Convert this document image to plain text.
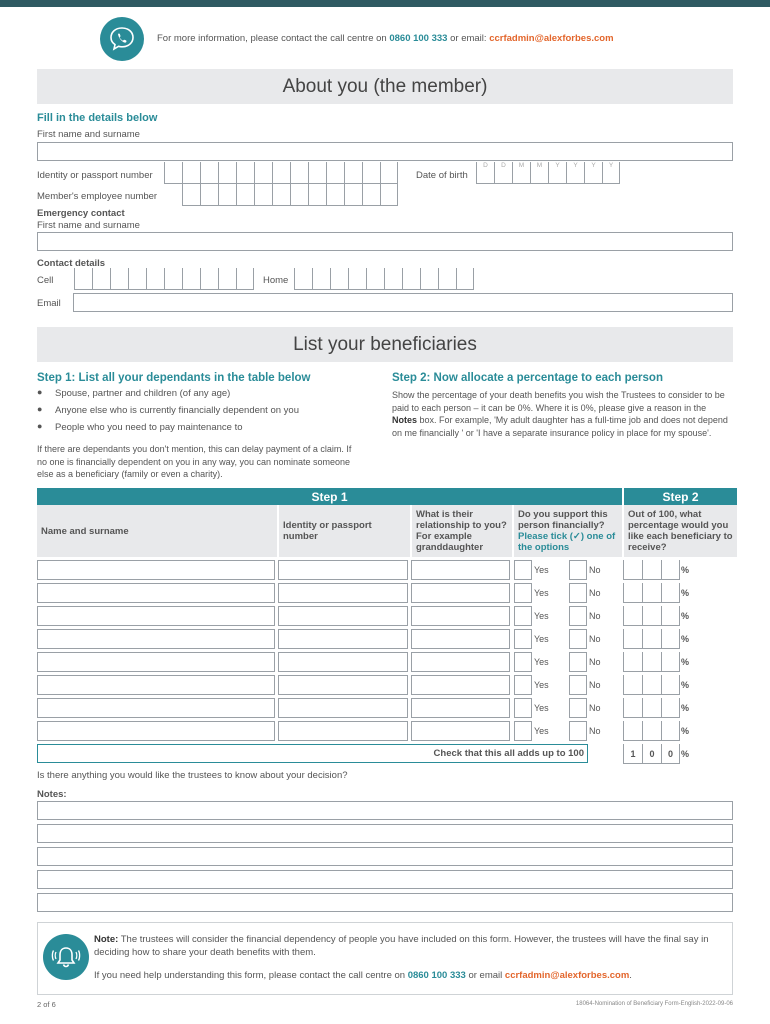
For more information, please contact the call centre on 0860 100 333 or email: ccrfadmin@alexforbes.com
About you (the member)
Fill in the details below
First name and surname
Identity or passport number	Date of birth
D	D	M	M	Y	Y	Y	Y
Member's employee number
Emergency contact
First name and surname
Contact details
Cell	Home
Email
List your beneficiaries
Step 1: List all your dependants in the table below
● Spouse, partner and children (of any age)
● Anyone else who is currently financially dependent on you
● People who you need to pay maintenance to
If there are dependants you don't mention, this can delay payment of a claim. If no one is financially dependent on you in any way, you can nominate someone else as a beneficiary (family or even a charity).
Step 2: Now allocate a percentage to each person
Show the percentage of your death benefits you wish the Trustees to consider to be paid to each person – it can be 0%. Where it is 0%, please give a reason in the Notes box. For example, 'My adult daughter has a full-time job and does not depend on me financially ' or 'I have a separate insurance policy in place for my spouse'.
Step 1				Step 2
Name and surname	Identity or passport number	What is their relationship to you? For example granddaughter	Do you support this person financially? Please tick (✓) one of the options	Out of 100, what percentage would you like each beneficiary to receive?
Yes	No	%
Yes	No	%
Yes	No	%
Yes	No	%
Yes	No	%
Yes	No	%
Yes	No	%
Yes	No	%
Check that this all adds up to 100	1	0	0 %
Is there anything you would like the trustees to know about your decision?
Notes:
Note: The trustees will consider the financial dependency of people you have included on this form. However, the trustees will have the final say in deciding how to share your death benefits with them.
If you need help understanding this form, please contact the call centre on 0860 100 333 or email ccrfadmin@alexforbes.com.
2 of 6	18064-Nomination of Beneficiary Form-English-2022-09-06
